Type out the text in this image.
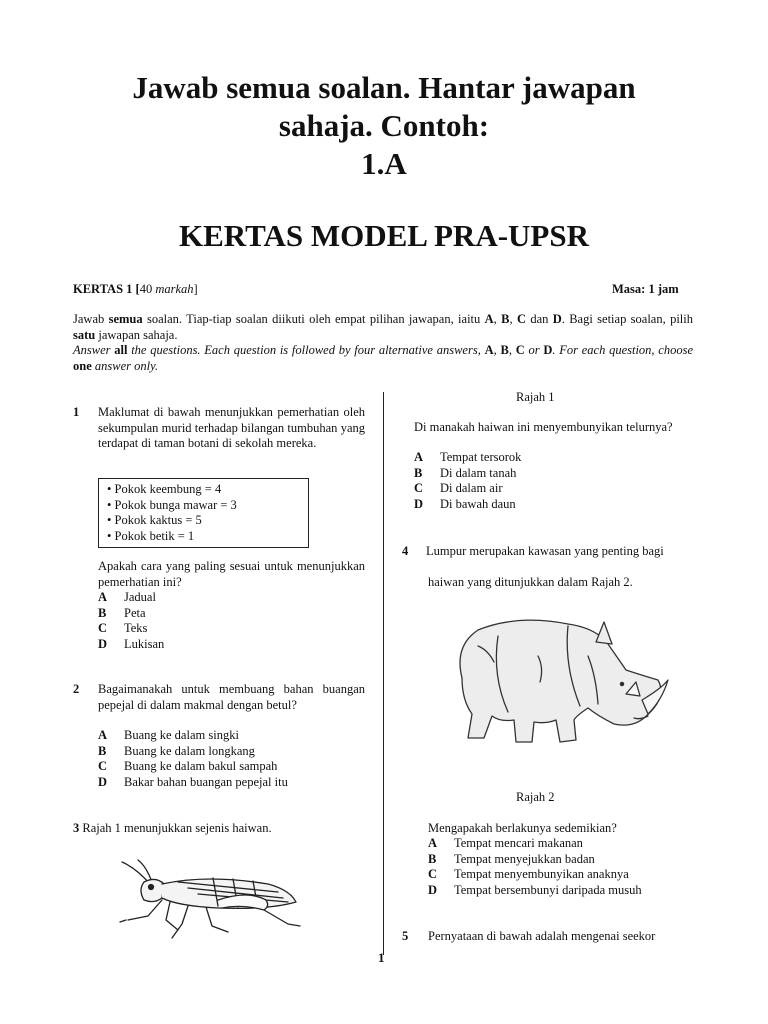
Jawab semua soalan. Hantar jawapan
sahaja. Contoh:
1.A
KERTAS MODEL PRA-UPSR
KERTAS 1 [40 markah]	Masa: 1 jam
Jawab semua soalan. Tiap-tiap soalan diikuti oleh empat pilihan jawapan, iaitu A, B, C dan D. Bagi setiap soalan, pilih satu jawapan sahaja.
Answer all the questions. Each question is followed by four alternative answers, A, B, C or D. For each question, choose one answer only.
1 Maklumat di bawah menunjukkan pemerhatian oleh sekumpulan murid terhadap bilangan tumbuhan yang terdapat di taman botani di sekolah mereka.
• Pokok keembung = 4
• Pokok bunga mawar = 3
• Pokok kaktus = 5
• Pokok betik = 1
Apakah cara yang paling sesuai untuk menunjukkan pemerhatian ini?
A Jadual
B Peta
C Teks
D Lukisan
2 Bagaimanakah untuk membuang bahan buangan pepejal di dalam makmal dengan betul?
A Buang ke dalam singki
B Buang ke dalam longkang
C Buang ke dalam bakul sampah
D Bakar bahan buangan pepejal itu
3 Rajah 1 menunjukkan sejenis haiwan.
Rajah 1
Di manakah haiwan ini menyembunyikan telurnya?
A Tempat tersorok
B Di dalam tanah
C Di dalam air
D Di bawah daun
4	Lumpur merupakan kawasan yang penting bagi
haiwan yang ditunjukkan dalam Rajah 2.
Rajah 2
Mengapakah berlakunya sedemikian?
A Tempat mencari makanan
B Tempat menyejukkan badan
C Tempat menyembunyikan anaknya
D Tempat bersembunyi daripada musuh
5 Pernyataan di bawah adalah mengenai seekor
1
